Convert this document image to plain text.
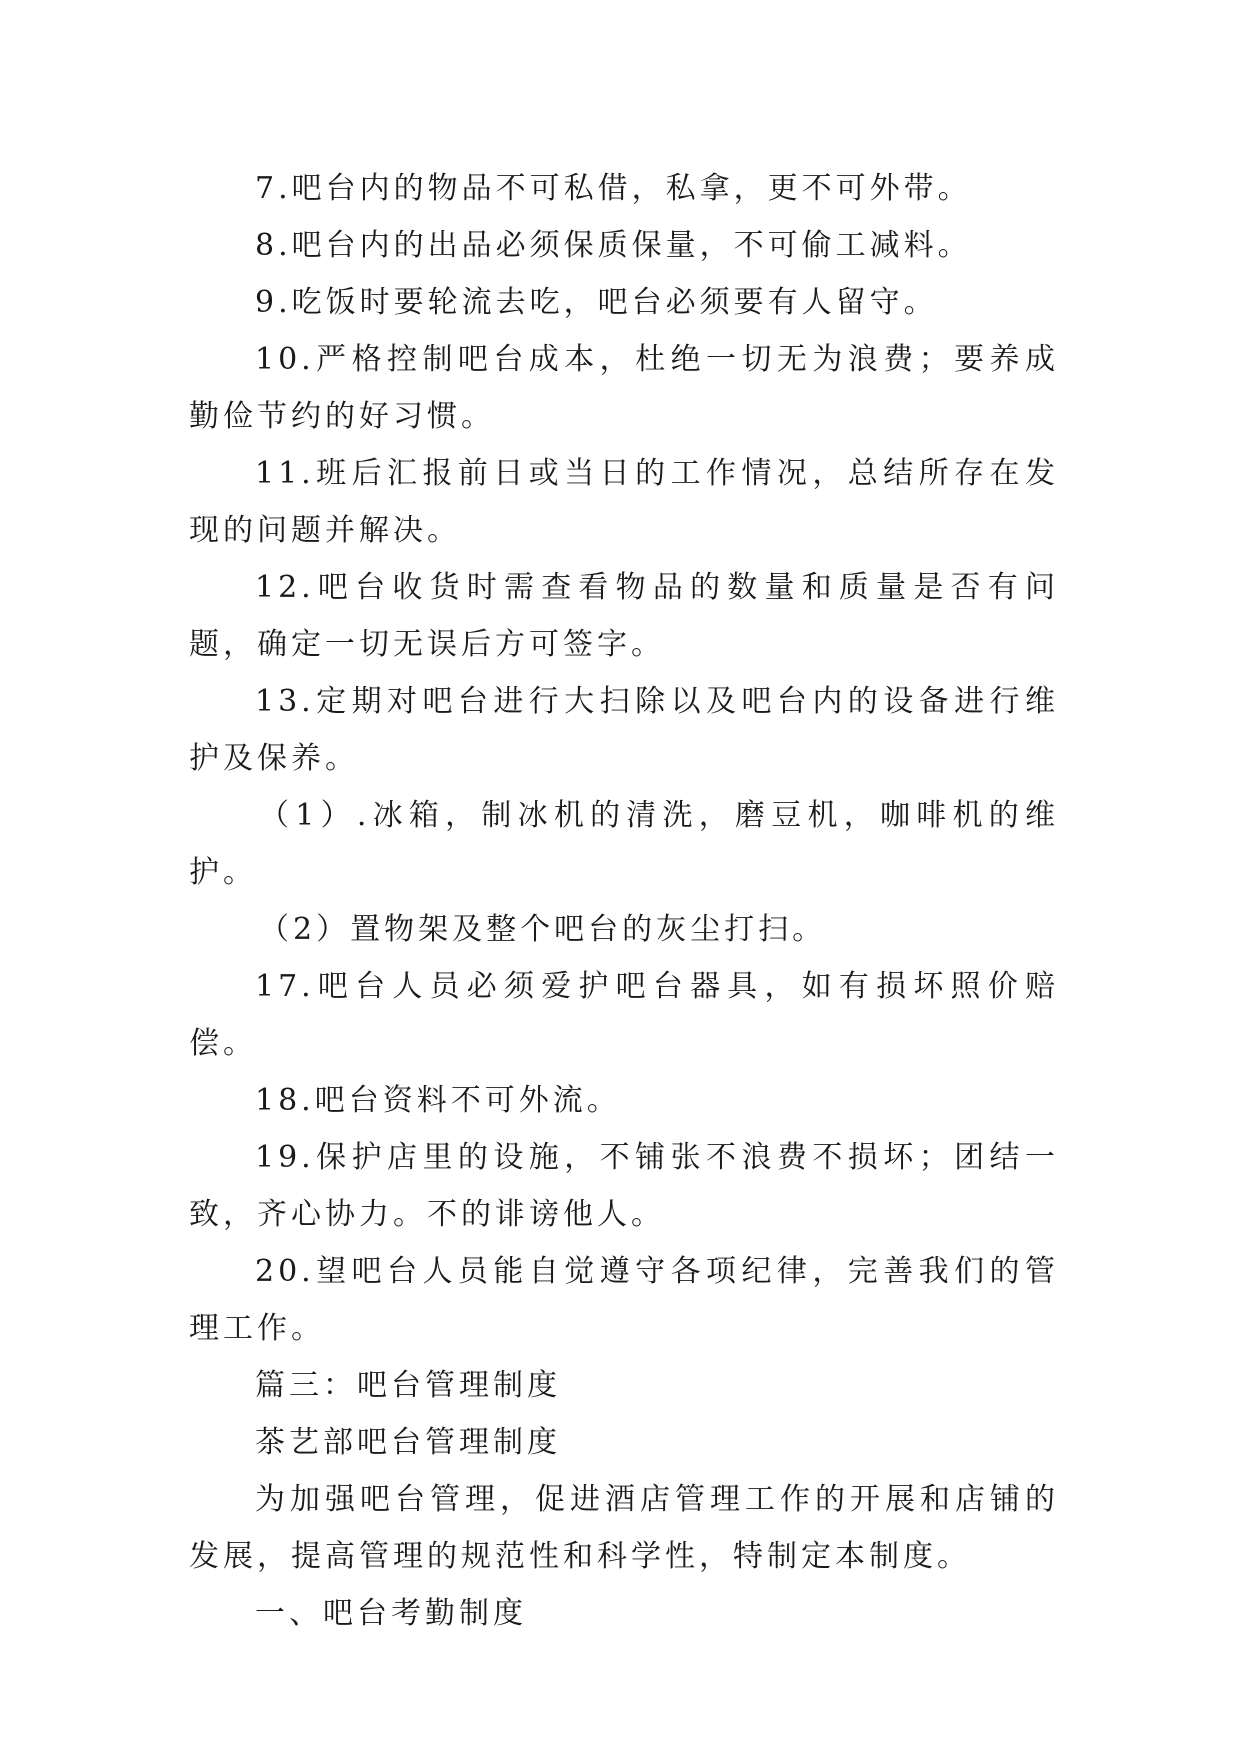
7.吧台内的物品不可私借，私拿，更不可外带。

8.吧台内的出品必须保质保量，不可偷工减料。

9.吃饭时要轮流去吃，吧台必须要有人留守。

10.严格控制吧台成本，杜绝一切无为浪费；要养成勤俭节约的好习惯。

11.班后汇报前日或当日的工作情况，总结所存在发现的问题并解决。

12.吧台收货时需查看物品的数量和质量是否有问题，确定一切无误后方可签字。

13.定期对吧台进行大扫除以及吧台内的设备进行维护及保养。

（1）.冰箱，制冰机的清洗，磨豆机，咖啡机的维护。

（2）置物架及整个吧台的灰尘打扫。

17.吧台人员必须爱护吧台器具，如有损坏照价赔偿。

18.吧台资料不可外流。

19.保护店里的设施，不铺张不浪费不损坏；团结一致，齐心协力。不的诽谤他人。

20.望吧台人员能自觉遵守各项纪律，完善我们的管理工作。

篇三：吧台管理制度

茶艺部吧台管理制度

为加强吧台管理，促进酒店管理工作的开展和店铺的发展，提高管理的规范性和科学性，特制定本制度。

一、吧台考勤制度
